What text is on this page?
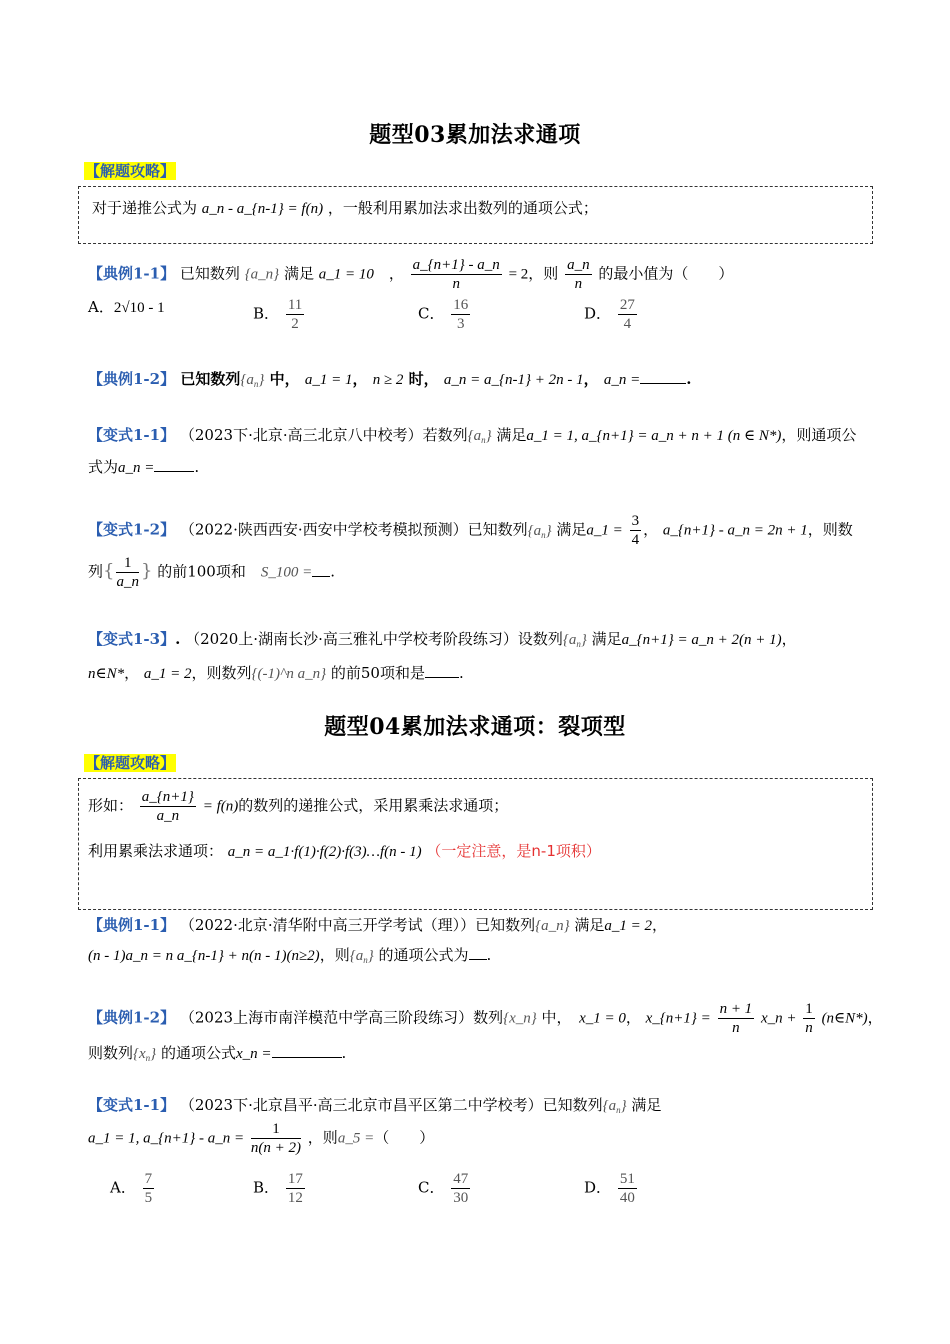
题型03累加法求通项
【解题攻略】
对于递推公式为 a_n - a_{n-1} = f(n) ，一般利用累加法求出数列的通项公式；
【典例1-1】 已知数列 {a_n} 满足 a_1 = 10　， $\frac{a\_\{n+1\} - a\_n}{n} = 2$，则 $\frac{a\_n}{n}$ 的最小值为（　　）
A．2√10 - 1	B． $\frac{11}{2}$	C． $\frac{16}{3}$	D． $\frac{27}{4}$
【典例1-2】 已知数列$\{a_n\}$ 中， a_1 = 1， n ≥ 2 时， a_n = a_{n-1} + 2n - 1， a_n =	.
【变式1-1】 （2023下·北京·高三北京八中校考）若数列$\{a_n\}$ 满足a_1 = 1, a_{n+1} = a_n + n + 1 (n ∈ N*)，则通项公
式为a_n =	.
【变式1-2】 （2022·陕西西安·西安中学校考模拟预测）已知数列$\{a_n\}$ 满足a_1 = $\frac{3}{4}$ ， a_{n+1} - a_n = 2n + 1，则数
列{ $\frac{1}{a\_n}$ } 的前100项和　 S_100 = .
【变式1-3】. （2020上·湖南长沙·高三雅礼中学校考阶段练习）设数列$\{a_n\}$ 满足a_{n+1} = a_n + 2(n + 1)，
n∈N*， a_1 = 2，则数列{(-1)^n a_n} 的前50项和是 .
题型04累加法求通项：裂项型
【解题攻略】
形如： $\frac{a\_\{n+1\}}{a\_n} = f(n)$的数列的递推公式，采用累乘法求通项；
利用累乘法求通项： a_n = a_1·f(1)·f(2)·f(3)…f(n - 1) （一定注意，是n-1项积）
【典例1-1】 （2022·北京·清华附中高三开学考试（理））已知数列{a_n} 满足a_1 = 2，
(n - 1)a_n = n a_{n-1} + n(n - 1)(n≥2)，则$\{a_n\}$ 的通项公式为 .
【典例1-2】 （2023上海市南洋模范中学高三阶段练习）数列{x_n} 中，　 x_1 = 0， x_{n+1} = $\frac{n + 1}{n}$ x_n + $\frac{1}{n}$ (n∈N*)，
则数列$\{x_n\}$ 的通项公式x_n =	.
【变式1-1】 （2023下·北京昌平·高三北京市昌平区第二中学校考）已知数列$\{a_n\}$ 满足
a_1 = 1, a_{n+1} - a_n = $\frac{1}{n(n + 2)}$ ，则a_5 =（　　）
A． $\frac{7}{5}$	B． $\frac{17}{12}$	C． $\frac{47}{30}$	D． $\frac{51}{40}$
